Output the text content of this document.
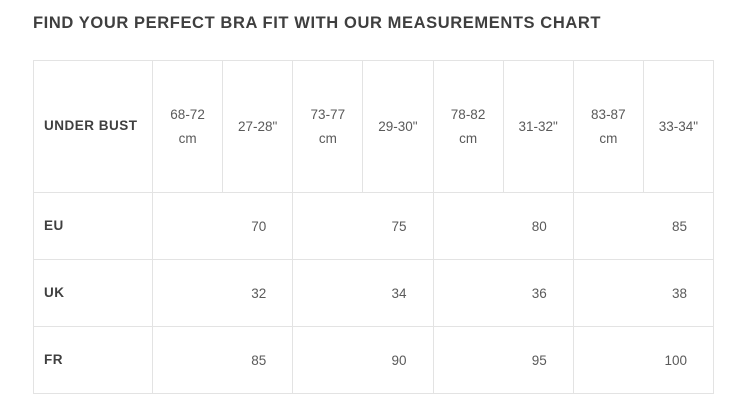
FIND YOUR PERFECT BRA FIT WITH OUR MEASUREMENTS CHART
UNDER BUST	68-72 cm	27-28"	73-77 cm	29-30"	78-82 cm	31-32"	83-87 cm	33-34"
EU	70		75		80		85	
UK	32		34		36		38	
FR	85		90		95		100	
